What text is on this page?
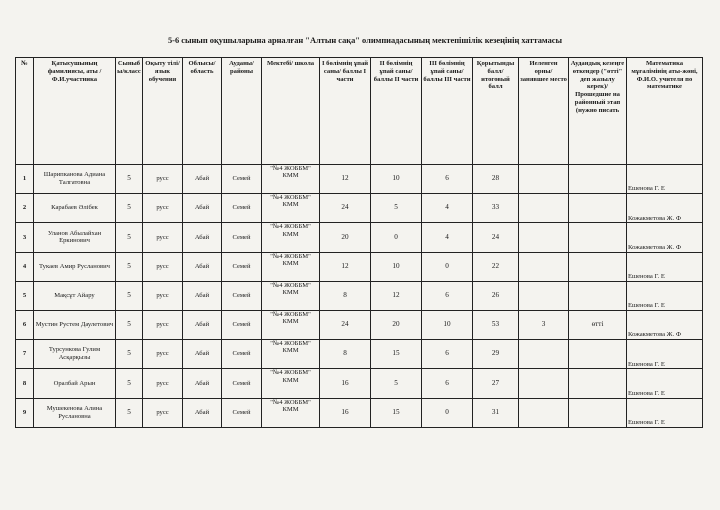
5-6 сынып оқушыларына арналған "Алтын сақа" олимпиадасының мектепішілік кезеңінің хаттамасы
№	Қатысушының фамилиясы, аты /Ф.И.участника	Сыныб ы/класс	Оқыту тілі/ язык обучения	Облысы/ область	Ауданы/ районы	Мектебі/ школа	I бөлімнің ұпай саны/ баллы I части	II бөлімнің ұпай саны/ баллы II части	III бөлімнің ұпай саны/ баллы III части	Қорытынды балл/ итоговый балл	Иеленген орны/ занявшее место	Аудандық кезеңге өткендер ("өтті" деп жазылу керек)/ Прошедшие на районный этап (нужно писать	Математика мұғалімінің аты-жөні, Ф.И.О. учителя по математике
1	Шарипканова Адиана Талгатовна	5	русс	Абай	Семей	"№4 ЖОББМ" КММ	12	10	6	28			Ешенова Г. Е
2	Карабаев Әлібек	5	русс	Абай	Семей	"№4 ЖОББМ" КММ	24	5	4	33			Кожакметова Ж. Ф
3	Уланов Абылайхан Еркинович	5	русс	Абай	Семей	"№4 ЖОББМ" КММ	20	0	4	24			Кожакметова Ж. Ф
4	Тукаев Амир Русланович	5	русс	Абай	Семей	"№4 ЖОББМ" КММ	12	10	0	22			Ешенова Г. Е
5	Мақсұт Айару	5	русс	Абай	Семей	"№4 ЖОББМ" КММ	8	12	6	26			Ешенова Г. Е
6	Мустин Рустем Даулетович	5	русс	Абай	Семей	"№4 ЖОББМ" КММ	24	20	10	53	3	өтті	Кожакметова Ж. Ф
7	Турсункова Гулим Асқарқызы	5	русс	Абай	Семей	"№4 ЖОББМ" КММ	8	15	6	29			Ешенова Г. Е
8	Оралбай Арын	5	русс	Абай	Семей	"№4 ЖОББМ" КММ	16	5	6	27			Ешенова Г. Е
9	Мушекенова Алина Руслановна	5	русс	Абай	Семей	"№4 ЖОББМ" КММ	16	15	0	31			Ешенова Г. Е
